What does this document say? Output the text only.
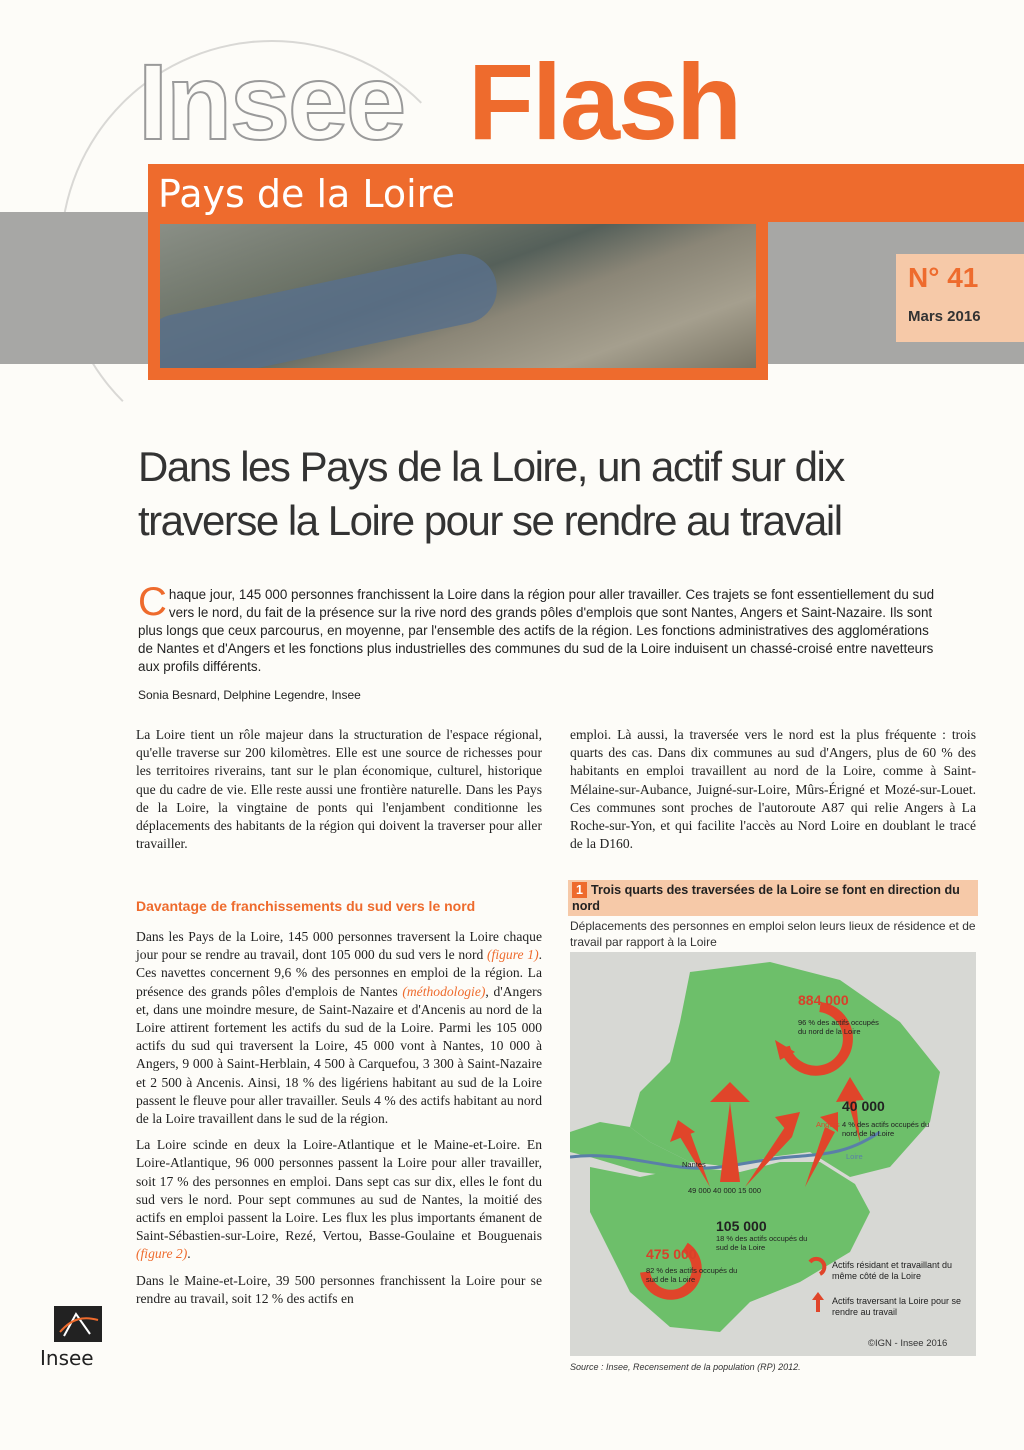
Insee Flash
Pays de la Loire
N° 41
Mars 2016
Dans les Pays de la Loire, un actif sur dix traverse la Loire pour se rendre au travail
Chaque jour, 145 000 personnes franchissent la Loire dans la région pour aller travailler. Ces trajets se font essentiellement du sud vers le nord, du fait de la présence sur la rive nord des grands pôles d'emplois que sont Nantes, Angers et Saint-Nazaire. Ils sont plus longs que ceux parcourus, en moyenne, par l'ensemble des actifs de la région. Les fonctions administratives des agglomérations de Nantes et d'Angers et les fonctions plus industrielles des communes du sud de la Loire induisent un chassé-croisé entre navetteurs aux profils différents.
Sonia Besnard, Delphine Legendre, Insee

La Loire tient un rôle majeur dans la structuration de l'espace régional, qu'elle traverse sur 200 kilomètres. Elle est une source de richesses pour les territoires riverains, tant sur le plan économique, culturel, historique que du cadre de vie. Elle reste aussi une frontière naturelle. Dans les Pays de la Loire, la vingtaine de ponts qui l'enjambent conditionne les déplacements des habitants de la région qui doivent la traverser pour aller travailler.

Davantage de franchissements du sud vers le nord

Dans les Pays de la Loire, 145 000 personnes traversent la Loire chaque jour pour se rendre au travail, dont 105 000 du sud vers le nord (figure 1). Ces navettes concernent 9,6 % des personnes en emploi de la région. La présence des grands pôles d'emplois de Nantes (méthodologie), d'Angers et, dans une moindre mesure, de Saint-Nazaire et d'Ancenis au nord de la Loire attirent fortement les actifs du sud de la Loire. Parmi les 105 000 actifs du sud qui traversent la Loire, 45 000 vont à Nantes, 10 000 à Angers, 9 000 à Saint-Herblain, 4 500 à Carquefou, 3 300 à Saint-Nazaire et 2 500 à Ancenis. Ainsi, 18 % des ligériens habitant au sud de la Loire passent le fleuve pour aller travailler. Seuls 4 % des actifs habitant au nord de la Loire travaillent dans le sud de la région.

La Loire scinde en deux la Loire-Atlantique et le Maine-et-Loire. En Loire-Atlantique, 96 000 personnes passent la Loire pour aller travailler, soit 17 % des personnes en emploi. Dans sept cas sur dix, elles le font du sud vers le nord. Pour sept communes au sud de Nantes, la moitié des actifs en emploi passent la Loire. Les flux les plus importants émanent de Saint-Sébastien-sur-Loire, Rezé, Vertou, Basse-Goulaine et Bouguenais (figure 2).

Dans le Maine-et-Loire, 39 500 personnes franchissent la Loire pour se rendre au travail, soit 12 % des actifs en

emploi. Là aussi, la traversée vers le nord est la plus fréquente : trois quarts des cas. Dans dix communes au sud d'Angers, plus de 60 % des habitants en emploi travaillent au nord de la Loire, comme à Saint-Mélaine-sur-Aubance, Juigné-sur-Loire, Mûrs-Érigné et Mozé-sur-Louet. Ces communes sont proches de l'autoroute A87 qui relie Angers à La Roche-sur-Yon, et qui facilite l'accès au Nord Loire en doublant le tracé de la D160.

1 Trois quarts des traversées de la Loire se font en direction du nord
Déplacements des personnes en emploi selon leurs lieux de résidence et de travail par rapport à la Loire
884 000
96 % des actifs occupés du nord de la Loire
40 000
4 % des actifs occupés du nord de la Loire
Angers
Nantes
Loire
49 000 40 000 15 000
105 000
18 % des actifs occupés du sud de la Loire
475 000
82 % des actifs occupés du sud de la Loire
Actifs résidant et travaillant du même côté de la Loire
Actifs traversant la Loire pour se rendre au travail
©IGN - Insee 2016
Source : Insee, Recensement de la population (RP) 2012.
Insee
